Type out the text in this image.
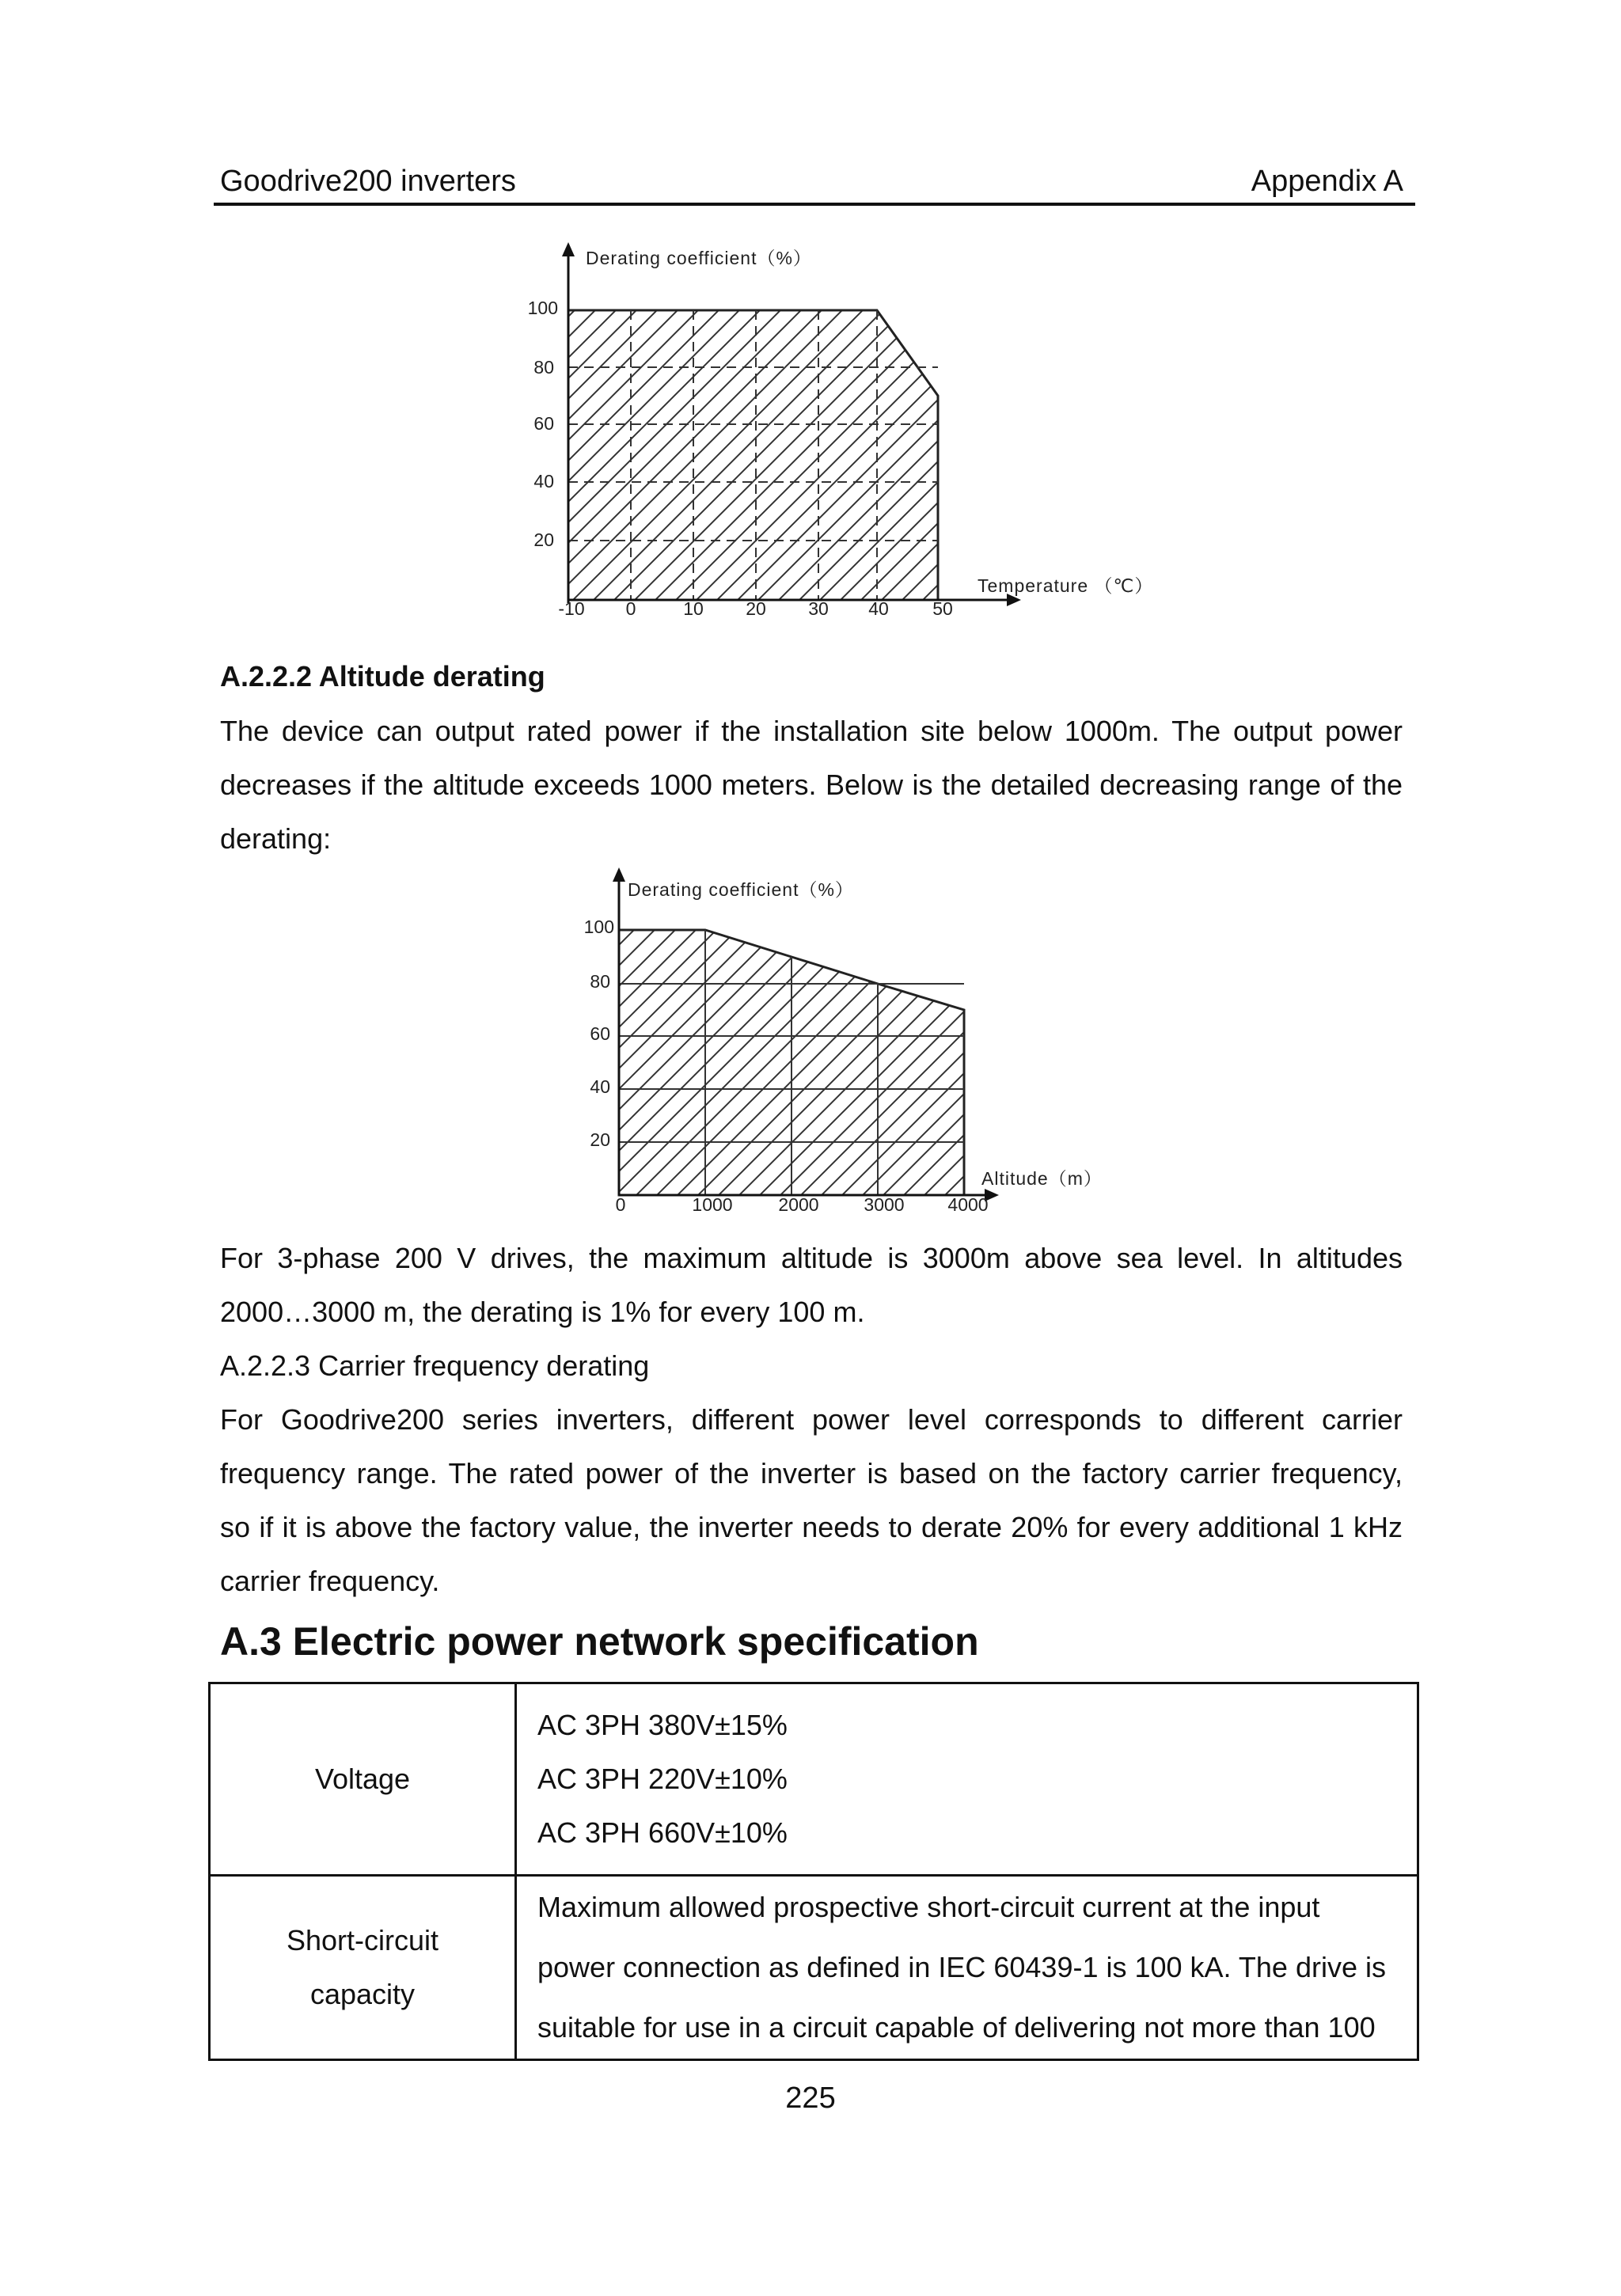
Goodrive200 inverters	Appendix A
Derating coefficient（%）
Temperature （℃）
100
80
60
40
20
-10 0	10 20 30 40 50
Derating coefficient（%）
Altitude（m）
100
80
60
40
20
0	1000	2000 3000 4000
A.2.2.2 Altitude derating
The device can output rated power if the installation site below 1000m. The output power
decreases if the altitude exceeds 1000 meters. Below is the detailed decreasing range of the
derating:
For 3-phase 200 V drives, the maximum altitude is 3000m above sea level. In altitudes
2000…3000 m, the derating is 1% for every 100 m.
A.2.2.3 Carrier frequency derating
For Goodrive200 series inverters, different power level corresponds to different carrier
frequency range. The rated power of the inverter is based on the factory carrier frequency,
so if it is above the factory value, the inverter needs to derate 20% for every additional 1 kHz
carrier frequency.
A.3 Electric power network specification
Voltage	AC 3PH 380V±15%
AC 3PH 220V±10%
AC 3PH 660V±10%

Short-circuit
capacity	Maximum allowed prospective short-circuit current at the input
power connection as defined in IEC 60439-1 is 100 kA. The drive is
suitable for use in a circuit capable of delivering not more than 100
225
